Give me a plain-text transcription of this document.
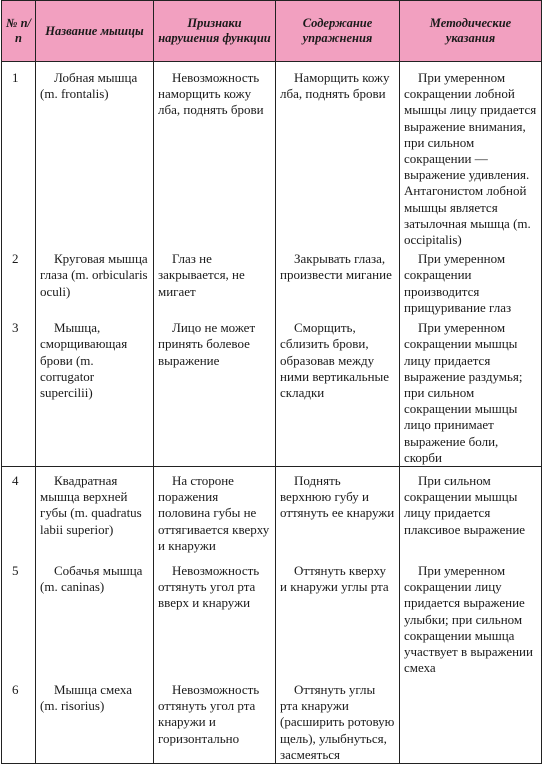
№ п/п	Название мышцы	Признаки нарушения функции	Содержание упражнения	Методические указания
1	Лобная мышца (m. frontalis)	Невозможность наморщить кожу лба, поднять брови	Наморщить кожу лба, поднять брови	При умеренном сокращении лобной мышцы лицу придается выражение внимания, при сильном сокращении — выражение удивления. Антагонистом лобной мышцы является затылочная мышца (m. occipitalis)
2	Круговая мышца глаза (m. orbicularis oculi)	Глаз не закрывается, не мигает	Закрывать глаза, произвести мигание	При умеренном сокращении производится прищуривание глаз
3	Мышца, сморщивающая брови (m. corrugator supercilii)	Лицо не может принять болевое выражение	Сморщить, сблизить брови, образовав между ними вертикальные складки	При умеренном сокращении мышцы лицу придается выражение раздумья; при сильном сокращении мышцы лицо принимает выражение боли, скорби
4	Квадратная мышца верхней губы (m. quadratus labii superior)	На стороне поражения половина губы не оттягивается кверху и кнаружи	Поднять верхнюю губу и оттянуть ее кнаружи	При сильном сокращении мышцы лицу придается плаксивое выражение
5	Собачья мышца (m. caninas)	Невозможность оттянуть угол рта вверх и кнаружи	Оттянуть кверху и кнаружи углы рта	При умеренном сокращении лицу придается выражение улыбки; при сильном сокращении мышца участвует в выражении смеха
6	Мышца смеха (m. risorius)	Невозможность оттянуть угол рта кнаружи и горизонтально	Оттянуть углы рта кнаружи (расширить ротовую щель), улыбнуться, засмеяться	
